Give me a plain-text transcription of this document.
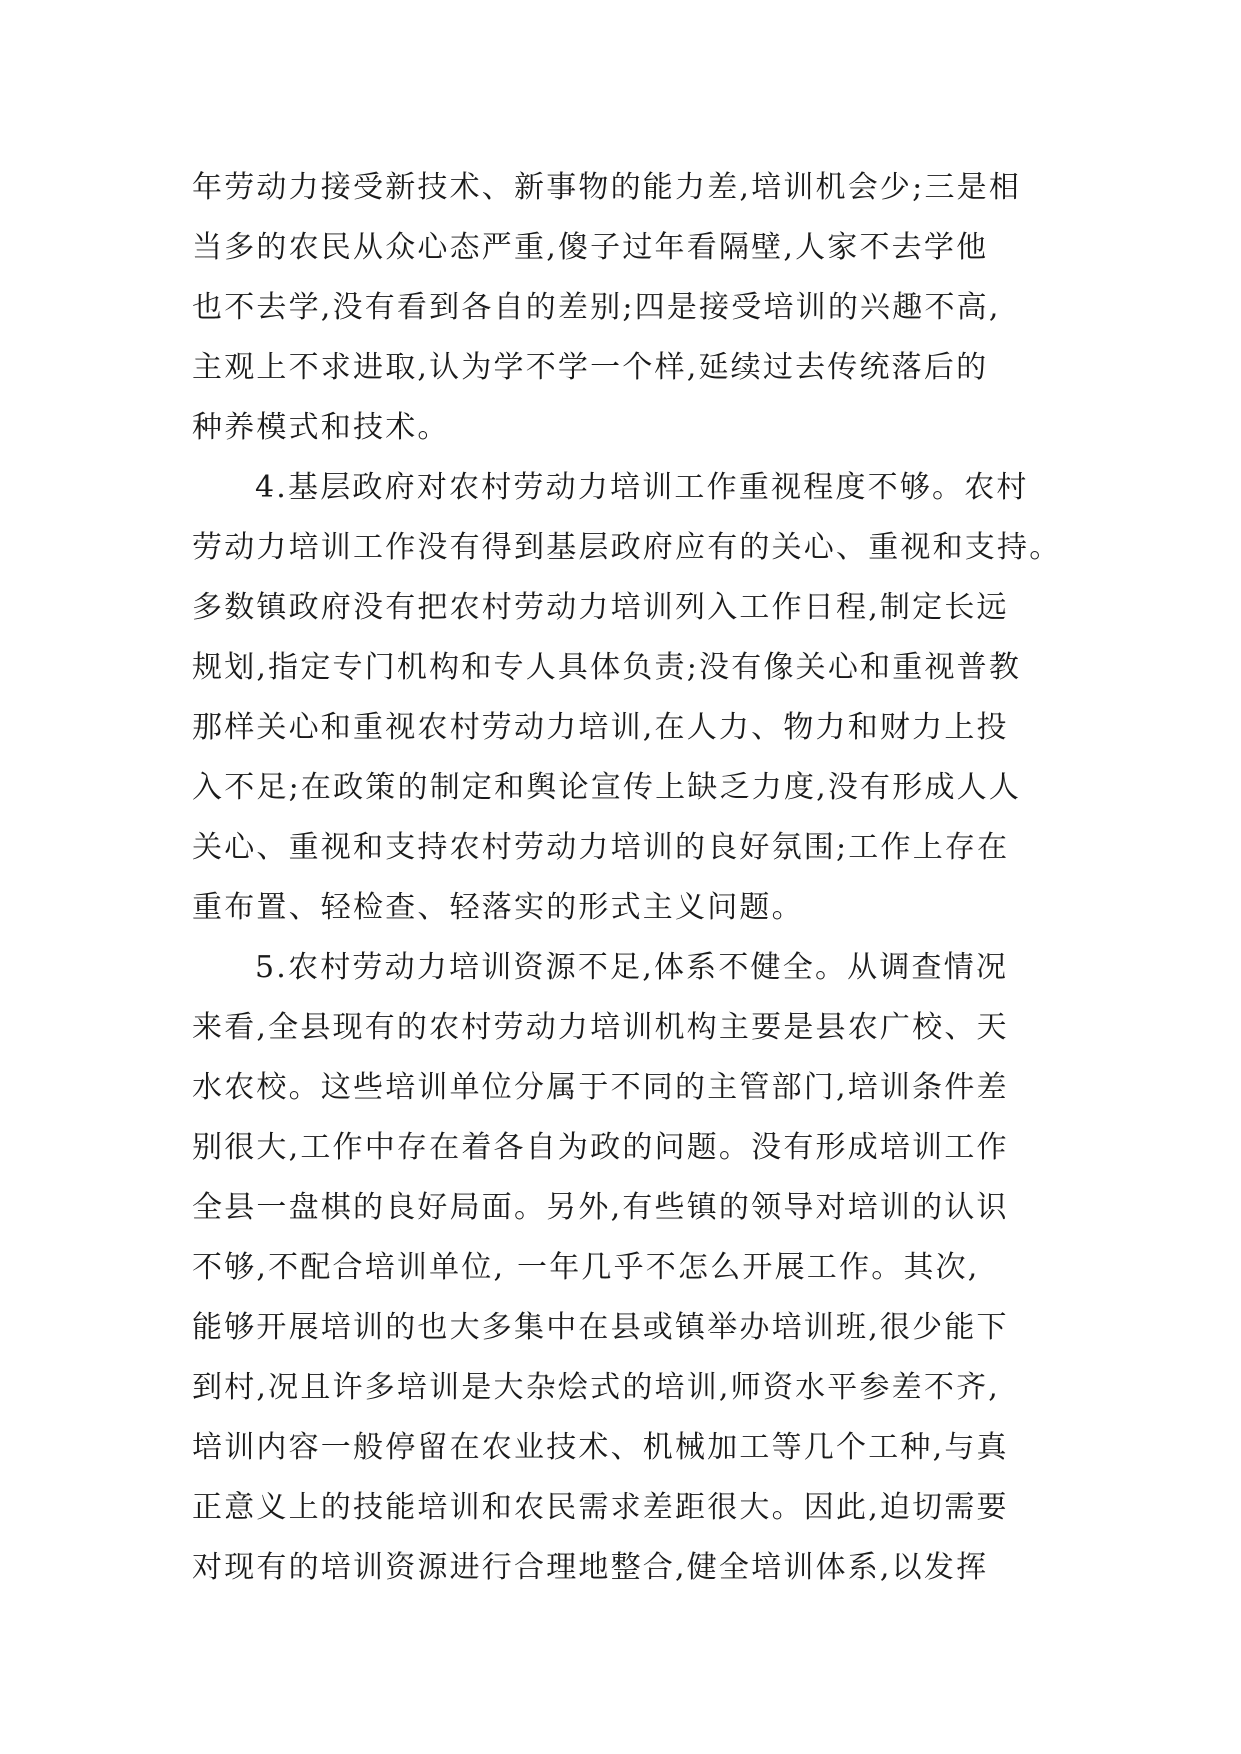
年劳动力接受新技术、新事物的能力差,培训机会少;三是相
当多的农民从众心态严重,傻子过年看隔壁,人家不去学他
也不去学,没有看到各自的差别;四是接受培训的兴趣不高,
主观上不求进取,认为学不学一个样,延续过去传统落后的
种养模式和技术。
4.基层政府对农村劳动力培训工作重视程度不够。农村
劳动力培训工作没有得到基层政府应有的关心、重视和支持。
多数镇政府没有把农村劳动力培训列入工作日程,制定长远
规划,指定专门机构和专人具体负责;没有像关心和重视普教
那样关心和重视农村劳动力培训,在人力、物力和财力上投
入不足;在政策的制定和舆论宣传上缺乏力度,没有形成人人
关心、重视和支持农村劳动力培训的良好氛围;工作上存在
重布置、轻检查、轻落实的形式主义问题。
5.农村劳动力培训资源不足,体系不健全。从调查情况
来看,全县现有的农村劳动力培训机构主要是县农广校、天
水农校。这些培训单位分属于不同的主管部门,培训条件差
别很大,工作中存在着各自为政的问题。没有形成培训工作
全县一盘棋的良好局面。另外,有些镇的领导对培训的认识
不够,不配合培训单位, 一年几乎不怎么开展工作。其次,
能够开展培训的也大多集中在县或镇举办培训班,很少能下
到村,况且许多培训是大杂烩式的培训,师资水平参差不齐,
培训内容一般停留在农业技术、机械加工等几个工种,与真
正意义上的技能培训和农民需求差距很大。因此,迫切需要
对现有的培训资源进行合理地整合,健全培训体系,以发挥
